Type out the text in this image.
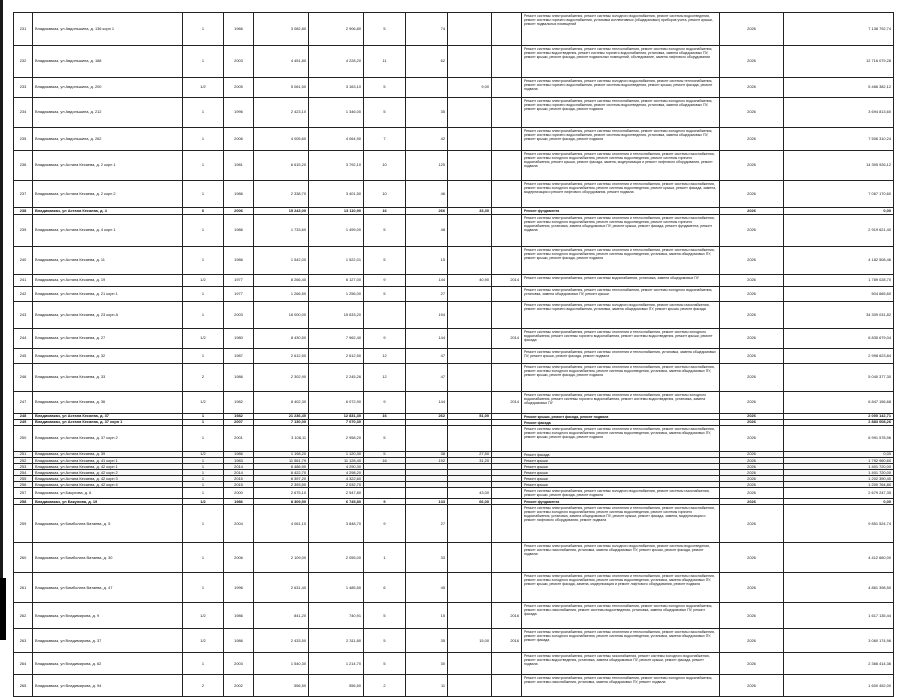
231	Владикавказ, ул Авдоньшина, д. 136 корп 1	1	1966	3 082,80	2 906,80	5	74			Ремонт системы электроснабжения, ремонт системы холодного водоснабжения, ремонт системы водоотведения, ремонт системы горячего водоснабжения, установка коллективных (общедомовых) приборов учета, ремонт крыши, ремонт подвальных помещений	2026	7 138 792,74
232	Владикавказ, ул Авдоньшина, д. 168	1	2003	4 451,80	4 228,20	11	62			Ремонт системы электроснабжения, ремонт системы теплоснабжения, ремонт системы холодного водоснабжения, ремонт системы водоотведения, ремонт системы горячего водоснабжения, установка, замена общедомовых ПУ, ремонт крыши, ремонт фасада, ремонт подвальных помещений, обследование, замена лифтового оборудования	2026	12 716 079,28
233	Владикавказ, ул Авдоньшина, д. 200	1/2	2005	5 061,50	3 163,10	5		9,00		Ремонт системы электроснабжения, ремонт системы холодного водоснабжения, ремонт системы теплоснабжения, ремонт системы горячего водоснабжения, ремонт системы водоотведения, ремонт крыши, ремонт фасада, ремонт подвала	2026	5 466 382,12
234	Владикавказ, ул Авдоньшина, д. 212	1	1996	2 423,10	1 346,00	5	35			Ремонт системы электроснабжения, ремонт системы теплоснабжения, ремонт системы холодного водоснабжения, ремонт системы горячего водоснабжения, ремонт системы водоотведения, установка, замена общедомовых ПУ, ремонт крыши, ремонт фасада, ремонт подвала	2026	3 694 813,60
235	Владикавказ, ул Авдоньшина, д. 262	1	2006	4 005,60	4 064,90	7	42			Ремонт системы электроснабжения, ремонт системы теплоснабжения, ремонт системы холодного водоснабжения, ремонт системы горячего водоснабжения, ремонт системы водоотведения, установка, замена общедомовых ПУ, ремонт крыши, ремонт фасада, ремонт подвала	2026	7 506 310,24
236	Владикавказ, ул Астана Кесаева, д. 2 корп 1	1	1981	6 615,20	3 792,10	10	125			Ремонт системы электроснабжения, ремонт системы отопления и теплоснабжения, ремонт системы газоснабжения, ремонт системы холодного водоснабжения, ремонт системы водоотведения, ремонт системы горячего водоснабжения, ремонт крыши, ремонт фасада, замена, модернизация и ремонт лифтового оборудования, ремонт подвала	2026	14 395 926,12
237	Владикавказ, ул Астана Кесаева, д. 2 корп 2	1	1986	2 338,70	3 401,50	10	46			Ремонт системы электроснабжения, ремонт системы отопления и теплоснабжения, ремонт системы газоснабжения, ремонт системы холодного водоснабжения, ремонт системы водоотведения, ремонт крыши, ремонт фасада, замена, модернизация и ремонт лифтового оборудования, ремонт подвала	2026	7 067 170,60
238	Владикавказ, ул Астана Кесаева, д. 4	6	2006	15 243,00	13 110,90	16	266	33,30		Ремонт фундамента	2026	0,00
239	Владикавказ, ул Астана Кесаева, д. 4 корп 1	1	1986	1 733,60	1 499,00	5	48			Ремонт системы электроснабжения, ремонт системы отопления и теплоснабжения, ремонт системы газоснабжения, ремонт системы холодного водоснабжения, ремонт системы водоотведения, ремонт системы горячего водоснабжения, установка, замена общедомовых ПУ, ремонт крыши, ремонт фасада, ремонт фундамента, ремонт подвала	2026	2 919 621,40
240	Владикавказ, ул Астана Кесаева, д. 11	1	1986	1 542,00	1 522,01	5	15			Ремонт системы электроснабжения, ремонт системы отопления и теплоснабжения, ремонт системы газоснабжения, ремонт системы холодного водоснабжения, ремонт системы водоотведения, установка, замена общедомовых ПУ, ремонт крыши, ремонт фасада, ремонт подвала	2026	4 182 508,46
241	Владикавказ, ул Астана Кесаева, д. 19	1/2	1977	8 266,40	6 127,00	9	144	40,90	2014	Ремонт системы электроснабжения, ремонт системы водоснабжения, установка, замена общедомовых ПУ	2026	1 789 028,70
242	Владикавказ, ул Астана Кесаева, д. 21 корп 1	1	1977	1 266,50	1 256,00	5	27			Ремонт системы электроснабжения, ремонт системы теплоснабжения, ремонт системы холодного водоснабжения, установка, замена общедомовых ПУ, ремонт крыши	2026	504 665,60
243	Владикавказ, ул Астана Кесаева, д. 23 корп А	1	2003	16 000,00	15 633,20		194			Ремонт системы электроснабжения, ремонт системы холодного водоснабжения, ремонт системы газоснабжения, ремонт системы горячего водоснабжения, установка, замена общедомовых ПУ, ремонт крыши, ремонт фасада	2026	34 339 031,82
244	Владикавказ, ул Астана Кесаева, д. 27	1/2	1980	8 430,50	7 962,40	9	144		2014	Ремонт системы электроснабжения, ремонт системы отопления и теплоснабжения, ремонт системы холодного водоснабжения, ремонт системы горячего водоснабжения, ремонт системы водоотведения, ремонт крыши, ремонт фасада	2026	6 835 679,04
245	Владикавказ, ул Астана Кесаева, д. 32	1	1987	2 612,50	2 612,50	12	47			Ремонт системы электроснабжения, ремонт системы отопления и теплоснабжения, установка, замена общедомовых ПУ, ремонт крыши, ремонт фасада, ремонт подвала	2026	2 998 623,84
246	Владикавказ, ул Астана Кесаева, д. 33	2	1986	2 302,90	2 245,26	12	47			Ремонт системы электроснабжения, ремонт системы отопления и теплоснабжения, ремонт системы газоснабжения, ремонт системы холодного водоснабжения, ремонт системы водоотведения, установка, замена общедомовых ПУ, ремонт крыши, ремонт фасада, ремонт подвала	2026	5 040 377,30
247	Владикавказ, ул Астана Кесаева, д. 36	1/2	1982	8 402,30	6 072,90	9	144		2014	Ремонт системы электроснабжения, ремонт системы отопления и теплоснабжения, ремонт системы холодного водоснабжения, ремонт системы горячего водоснабжения, ремонт системы водоотведения, установка, замена общедомовых ПУ	2026	6 847 156,68
248	Владикавказ, ул Астана Кесаева, д. 37	1	1982	21 236,40	12 831,30	16	262	51,00		Ремонт крыши, ремонт фасада, ремонт подвала	2026	2 000 142,71
249	Владикавказ, ул Астана Кесаева, д. 37 корп 1	1	2007	7 130,00	7 070,30					Ремонт фасада	2026	2 883 008,26
250	Владикавказ, ул Астана Кесаева, д. 37 корп 2	1	2001	3 108,11	2 958,20	5				Ремонт системы электроснабжения, ремонт системы отопления и теплоснабжения, ремонт системы газоснабжения, ремонт системы холодного водоснабжения, ремонт системы водоотведения, установка, замена общедомовых ПУ, ремонт крыши, ремонт фасада, ремонт подвала	2026	6 991 578,96
251	Владикавказ, ул Астана Кесаева, д. 39	1/2	1986	1 198,20	1 120,30	5	38	27,50		Ремонт фасада	2026	0,00
252	Владикавказ, ул Астана Кесаева, д. 41 корп 1	1	1983	11 561,79	11 128,40	16	192	31,20		Ремонт крыши	2026	1 792 960,60
253	Владикавказ, ул Астана Кесаева, д. 42 корп 1	1	2014	6 486,90	4 290,30					Ремонт крыши	2026	1 401 720,00
254	Владикавказ, ул Астана Кесаева, д. 42 корп 2	1	2014	6 422,70	4 298,20					Ремонт крыши	2026	1 401 720,00
255	Владикавказ, ул Астана Кесаева, д. 42 корп 3	1	2015	6 397,20	4 322,60					Ремонт крыши	2026	1 202 390,40
256	Владикавказ, ул Астана Кесаева, д. 42 корп 4	1	2015	2 393,50	2 032,70					Ремонт крыши	2026	1 200 764,80
257	Владикавказ, ул Бакулова, д. 6	1	2000	2 675,10	2 547,80			43,00		Ремонт системы электроснабжения, ремонт системы холодного водоснабжения, ремонт системы газоснабжения, ремонт крыши, ремонт фасада, ремонт подвала	2026	2 679 247,35
258	Владикавказ, ул Бакулова, д. 19	1/2	1986	8 309,50	6 745,80	9	133	66,00		Ремонт фундамента	2026	0,00
259	Владикавказ, ул Бимболата Ватаева, д. 5	1	2004	4 061,10	3 848,70	9	27			Ремонт системы электроснабжения, ремонт системы отопления и теплоснабжения, ремонт системы газоснабжения, ремонт системы холодного водоснабжения, ремонт системы водоотведения, ремонт системы горячего водоснабжения, установка, замена общедомовых ПУ, ремонт крыши, ремонт фасада, замена, модернизация и ремонт лифтового оборудования, ремонт подвала	2026	9 851 524,74
260	Владикавказ, ул Бимболата Ватаева, д. 30	1	2006	2 109,00	2 055,00	1	33			Ремонт системы электроснабжения, ремонт системы холодного водоснабжения, ремонт системы водоотведения, ремонт системы газоснабжения, установка, замена общедомовых ПУ, ремонт крыши, ремонт фасада, ремонт подвала	2026	4 412 660,00
261	Владикавказ, ул Бимболата Ватаева, д. 47	1	1996	2 631,40	1 485,50	6	45			Ремонт системы электроснабжения, ремонт системы отопления и теплоснабжения, ремонт системы газоснабжения, ремонт системы холодного водоснабжения, ремонт системы водоотведения, установка, замена общедомовых ПУ, ремонт крыши, ремонт фасада, замена, модернизация и ремонт лифтового оборудования, ремонт подвала	2026	4 861 398,50
262	Владикавказ, ул Владимирова, д. 9	1/2	1986	841,20	740,91	5	15		2016	Ремонт системы электроснабжения, ремонт системы теплоснабжения, ремонт системы холодного водоснабжения, ремонт системы газоснабжения, ремонт системы водоотведения, установка, замена общедомовых ПУ, ремонт фасада	2026	1 617 135,44
263	Владикавказ, ул Владимирова, д. 37	1/2	1986	2 433,50	2 311,80	5	35	15,00	2016	Ремонт системы электроснабжения, ремонт системы отопления и теплоснабжения, ремонт системы газоснабжения, ремонт системы холодного водоснабжения, ремонт системы водоотведения, установка, замена общедомовых ПУ, ремонт фасада	2026	3 060 174,96
264	Владикавказ, ул Владимирова, д. 62	1	2003	1 540,30	1 214,70	5	30			Ремонт системы электроснабжения, ремонт системы газоснабжения, ремонт системы холодного водоснабжения, ремонт системы водоотведения, установка, замена общедомовых ПУ, ремонт крыши, ремонт фасада, ремонт подвала	2026	2 366 414,36
265	Владикавказ, ул Владимирова, д. 94	2	2002	556,50	556,50	2	11			Ремонт системы электроснабжения, ремонт системы теплоснабжения, ремонт системы холодного водоснабжения, ремонт системы газоснабжения, установка, замена общедомовых ПУ, ремонт подвала	2026	1 600 452,00
